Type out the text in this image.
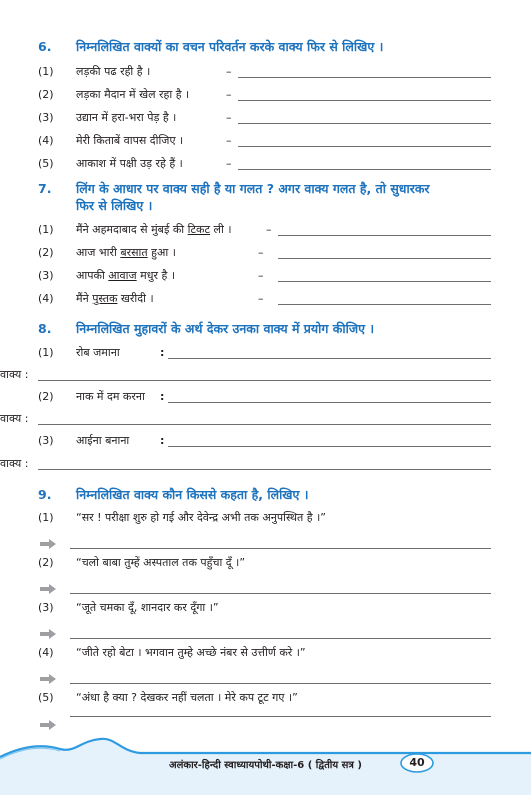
6.	निम्नलिखित वाक्यों का वचन परिवर्तन करके वाक्य फिर से लिखिए ।
(1)	लड़की पढ रही है ।	–
(2)	लड़का मैदान में खेल रहा है ।	–
(3)	उद्यान में हरा-भरा पेड़ है ।	–
(4)	मेरी किताबें वापस दीजिए ।	–
(5)	आकाश में पक्षी उड़ रहे हैं ।	–
7.	लिंग के आधार पर वाक्य सही है या गलत ? अगर वाक्य गलत है, तो सुधारकर
फिर से लिखिए ।
(1)	मैंने अहमदाबाद से मुंबई की टिकट ली ।	–
(2)	आज भारी बरसात हुआ ।	–
(3)	आपकी आवाज मधुर है ।	–
(4)	मैंने पुस्तक खरीदी ।	–
8.	निम्नलिखित मुहावरों के अर्थ देकर उनका वाक्य में प्रयोग कीजिए ।
(1)	रोब जमाना	:
वाक्य :
(2)	नाक में दम करना :
वाक्य :
(3)	आईना बनाना	:
वाक्य :
9.	निम्नलिखित वाक्य कौन किससे कहता है, लिखिए ।
(1) “सर ! परीक्षा शुरु हो गई और देवेन्द्र अभी तक अनुपस्थित है ।”
(2) “चलो बाबा तुम्हें अस्पताल तक पहुँचा दूँ ।”
(3) “जूते चमका दूँ, शानदार कर दूँगा ।”
(4) “जीते रहो बेटा । भगवान तुम्हे अच्छे नंबर से उत्तीर्ण करे ।”
(5) “अंधा है क्या ? देखकर नहीं चलता । मेरे कप टूट गए ।”
अलंकार-हिन्दी स्वाध्यायपोथी-कक्षा-6 ( द्वितीय सत्र )	40
